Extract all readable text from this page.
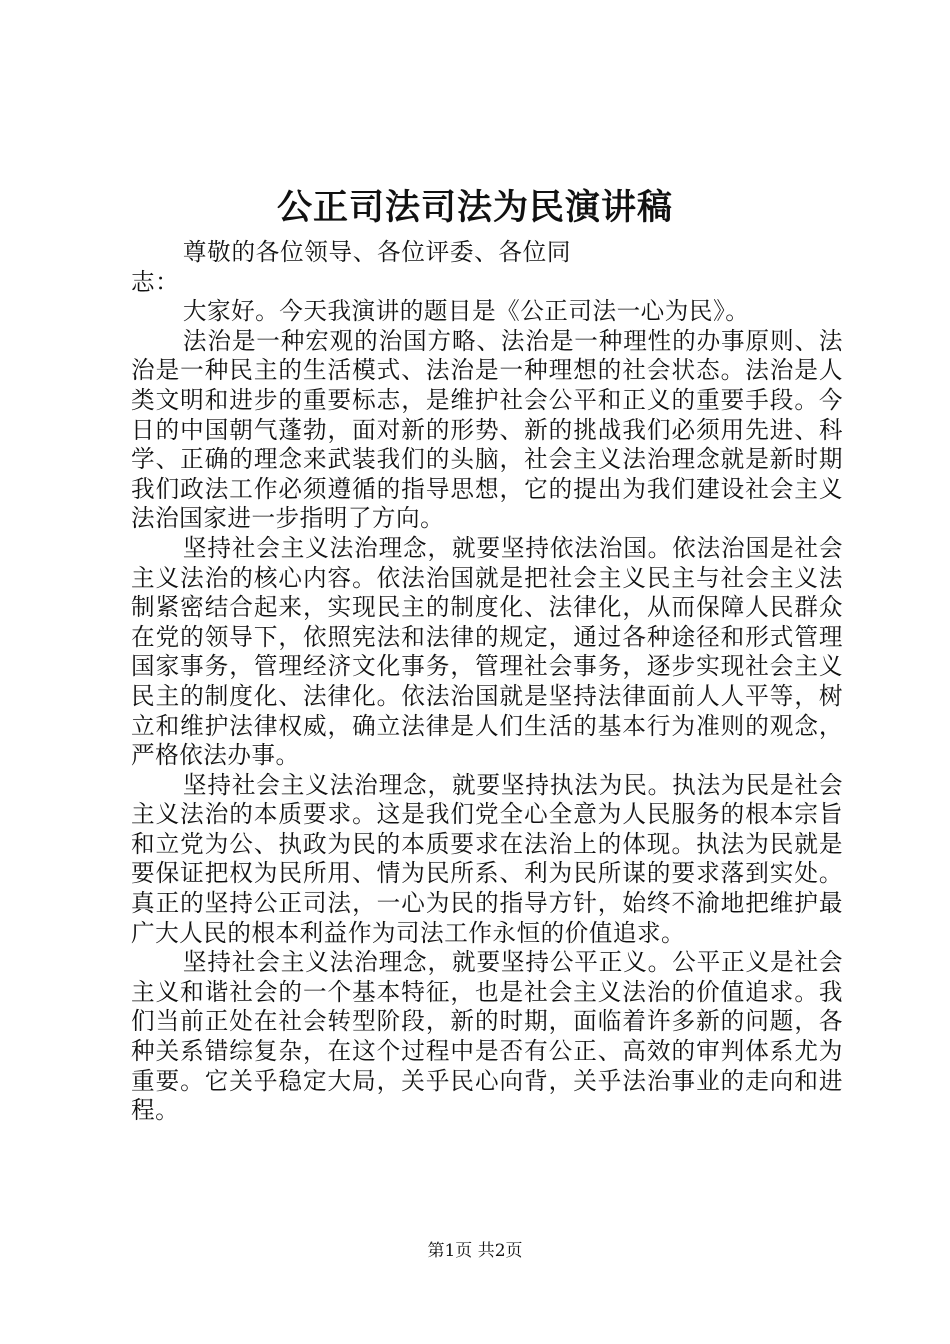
公正司法司法为民演讲稿

尊敬的各位领导、各位评委、各位同志：

大家好。今天我演讲的题目是《公正司法一心为民》。

法治是一种宏观的治国方略、法治是一种理性的办事原则、法治是一种民主的生活模式、法治是一种理想的社会状态。法治是人类文明和进步的重要标志，是维护社会公平和正义的重要手段。今日的中国朝气蓬勃，面对新的形势、新的挑战我们必须用先进、科学、正确的理念来武装我们的头脑，社会主义法治理念就是新时期我们政法工作必须遵循的指导思想，它的提出为我们建设社会主义法治国家进一步指明了方向。

坚持社会主义法治理念，就要坚持依法治国。依法治国是社会主义法治的核心内容。依法治国就是把社会主义民主与社会主义法制紧密结合起来，实现民主的制度化、法律化，从而保障人民群众在党的领导下，依照宪法和法律的规定，通过各种途径和形式管理国家事务，管理经济文化事务，管理社会事务，逐步实现社会主义民主的制度化、法律化。依法治国就是坚持法律面前人人平等，树立和维护法律权威，确立法律是人们生活的基本行为准则的观念，严格依法办事。

坚持社会主义法治理念，就要坚持执法为民。执法为民是社会主义法治的本质要求。这是我们党全心全意为人民服务的根本宗旨和立党为公、执政为民的本质要求在法治上的体现。执法为民就是要保证把权为民所用、情为民所系、利为民所谋的要求落到实处。真正的坚持公正司法，一心为民的指导方针，始终不渝地把维护最广大人民的根本利益作为司法工作永恒的价值追求。

坚持社会主义法治理念，就要坚持公平正义。公平正义是社会主义和谐社会的一个基本特征，也是社会主义法治的价值追求。我们当前正处在社会转型阶段，新的时期，面临着许多新的问题，各种关系错综复杂，在这个过程中是否有公正、高效的审判体系尤为重要。它关乎稳定大局，关乎民心向背，关乎法治事业的走向和进程。

第1页 共2页
